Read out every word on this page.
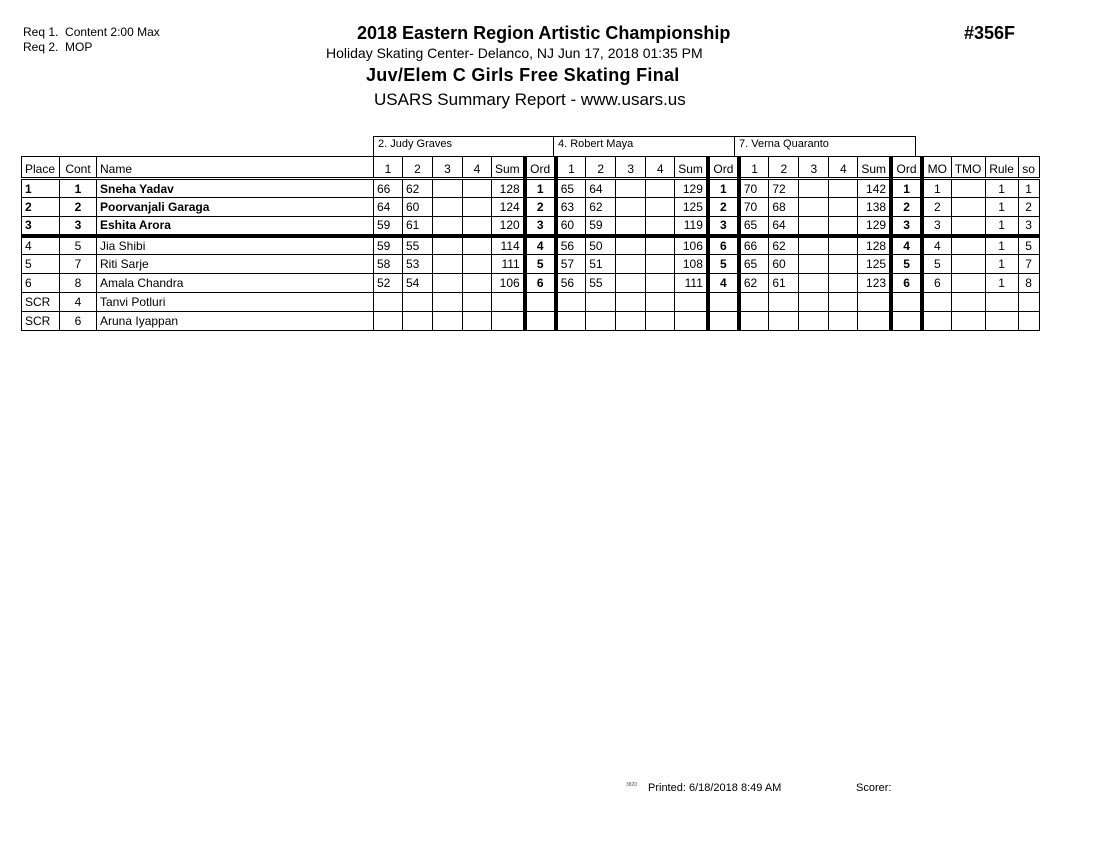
Req 1. Content 2:00 Max
Req 2. MOP
2018 Eastern Region Artistic Championship
Holiday Skating Center- Delanco, NJ Jun 17, 2018 01:35 PM
Juv/Elem C Girls Free Skating Final
USARS Summary Report - www.usars.us
#356F
2. Judy Graves	4. Robert Maya	7. Verna Quaranto
Place	Cont	Name	1	2	3	4	Sum	Ord	1	2	3	4	Sum	Ord	1	2	3	4	Sum	Ord	MO	TMO	Rule	so
1	1	Sneha Yadav	66	62			128	1	65	64			129	1	70	72			142	1	1		1	1
2	2	Poorvanjali Garaga	64	60			124	2	63	62			125	2	70	68			138	2	2		1	2
3	3	Eshita Arora	59	61			120	3	60	59			119	3	65	64			129	3	3		1	3
4	5	Jia Shibi	59	55			114	4	56	50			106	6	66	62			128	4	4		1	5
5	7	Riti Sarje	58	53			111	5	57	51			108	5	65	60			125	5	5		1	7
6	8	Amala Chandra	52	54			106	6	56	55			111	4	62	61			123	6	6		1	8
SCR	4	Tanvi Potluri																						
SCR	6	Aruna Iyappan																						
3820 Printed: 6/18/2018 8:49 AM	Scorer:
